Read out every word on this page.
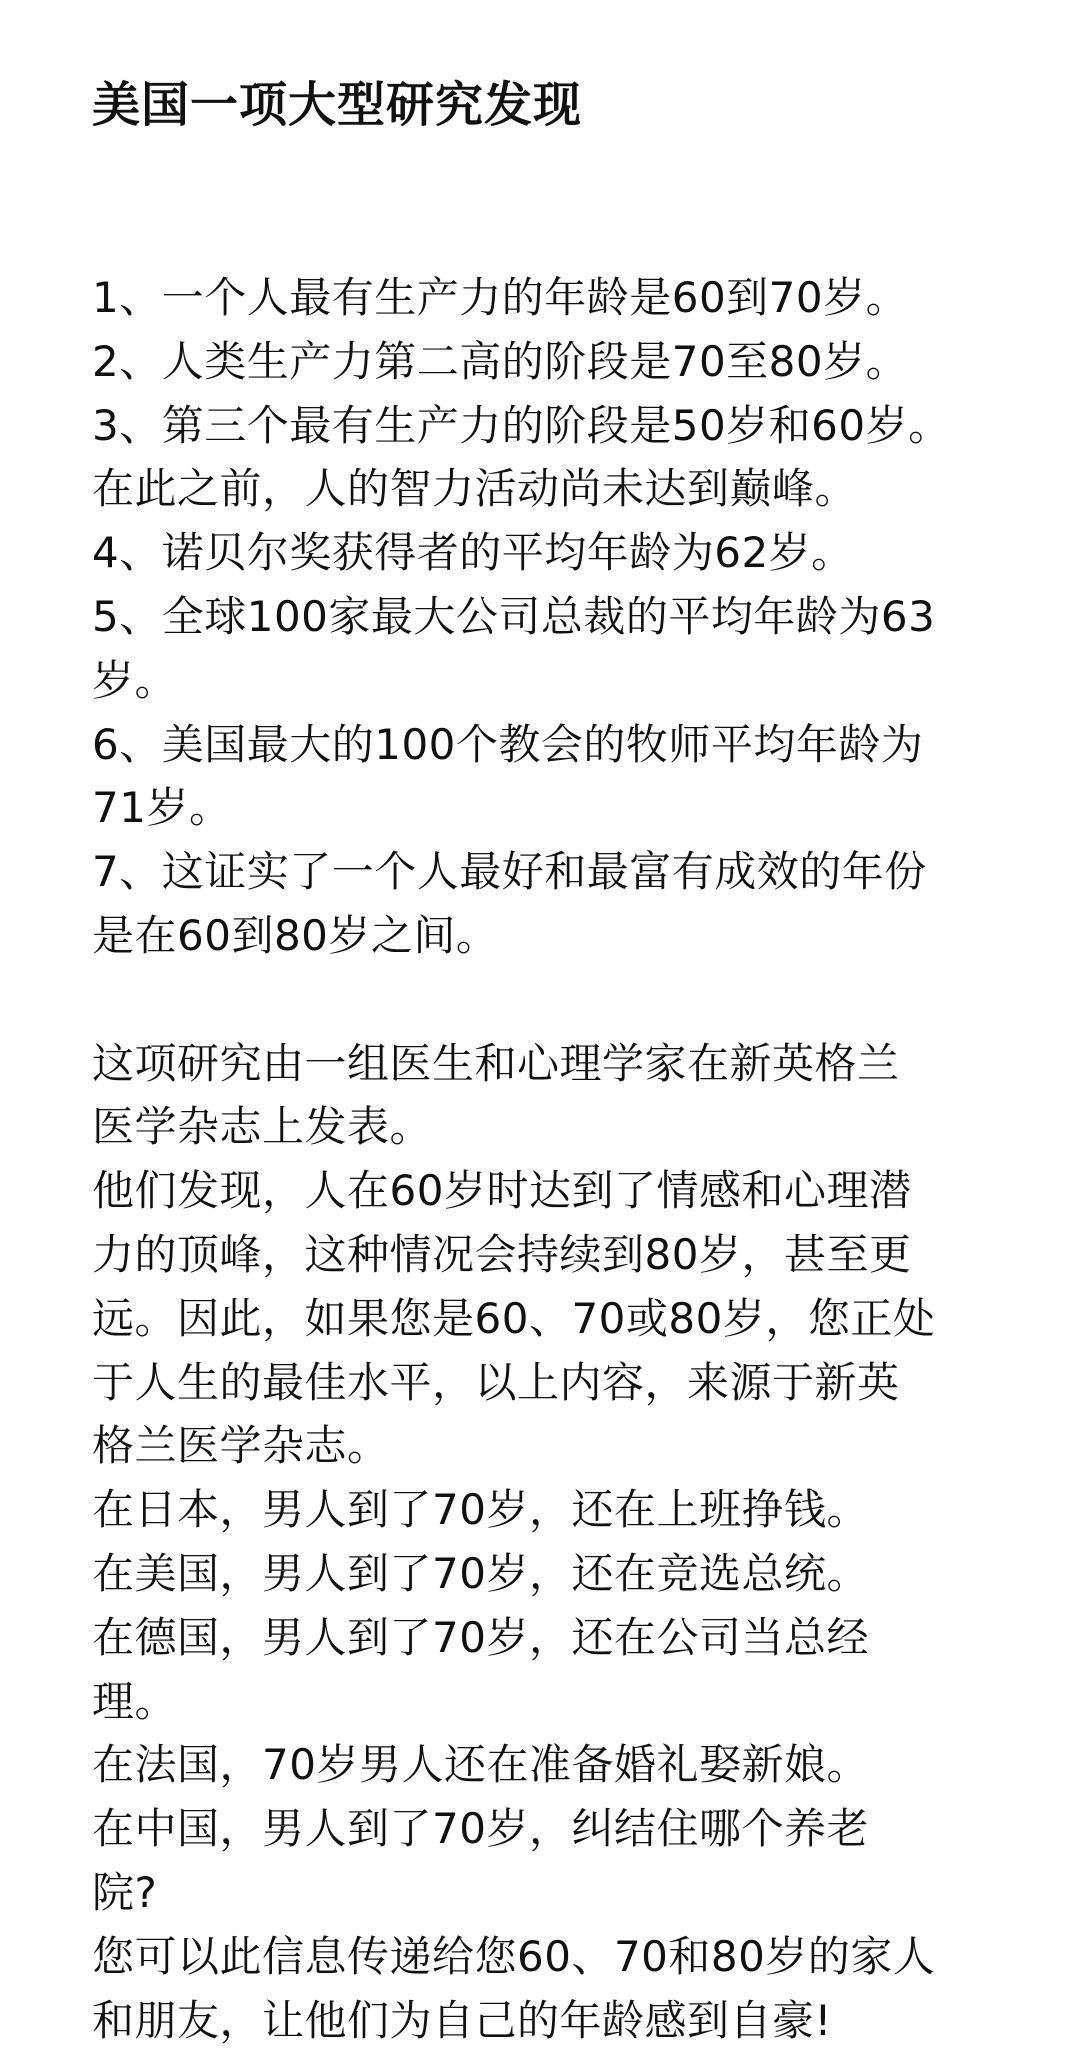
美国一项大型研究发现
1、一个人最有生产力的年龄是60到70岁。
2、人类生产力第二高的阶段是70至80岁。
3、第三个最有生产力的阶段是50岁和60岁。
在此之前，人的智力活动尚未达到巅峰。
4、诺贝尔奖获得者的平均年龄为62岁。
5、全球100家最大公司总裁的平均年龄为63
岁。
6、美国最大的100个教会的牧师平均年龄为
71岁。
7、这证实了一个人最好和最富有成效的年份
是在60到80岁之间。
这项研究由一组医生和心理学家在新英格兰
医学杂志上发表。
他们发现，人在60岁时达到了情感和心理潜
力的顶峰，这种情况会持续到80岁，甚至更
远。因此，如果您是60、70或80岁，您正处
于人生的最佳水平，以上内容，来源于新英
格兰医学杂志。
在日本，男人到了70岁，还在上班挣钱。
在美国，男人到了70岁，还在竞选总统。
在德国，男人到了70岁，还在公司当总经
理。
在法国，70岁男人还在准备婚礼娶新娘。
在中国，男人到了70岁，纠结住哪个养老
院?
您可以此信息传递给您60、70和80岁的家人
和朋友，让他们为自己的年龄感到自豪!
